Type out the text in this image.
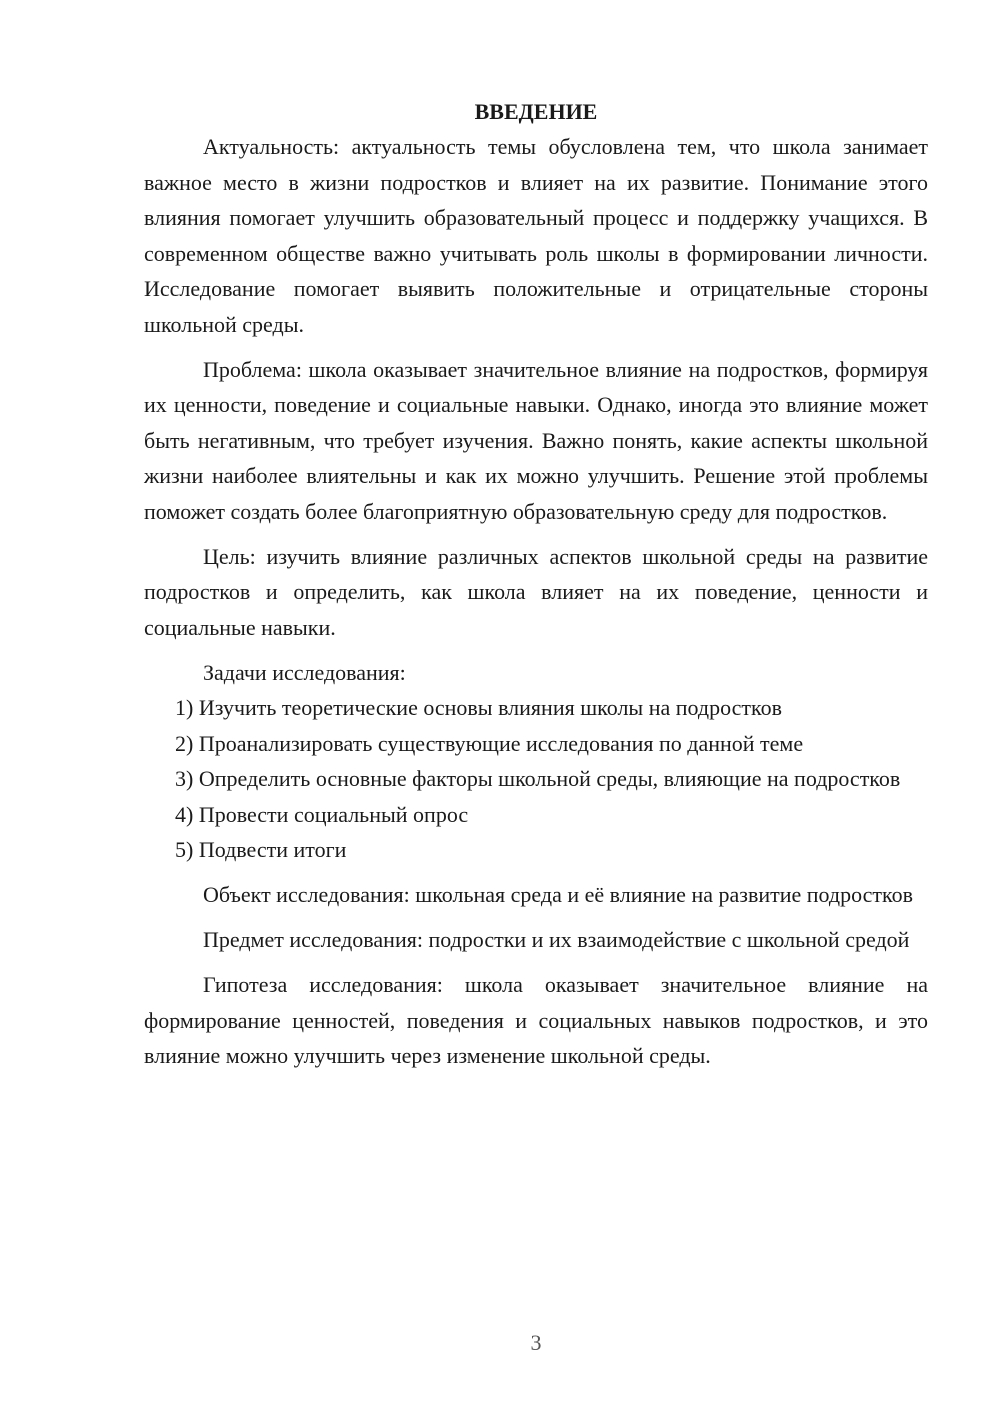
ВВЕДЕНИЕ

Актуальность: актуальность темы обусловлена тем, что школа занимает важное место в жизни подростков и влияет на их развитие. Понимание этого влияния помогает улучшить образовательный процесс и поддержку учащихся. В современном обществе важно учитывать роль школы в формировании личности. Исследование помогает выявить положительные и отрицательные стороны школьной среды.

Проблема: школа оказывает значительное влияние на подростков, формируя их ценности, поведение и социальные навыки. Однако, иногда это влияние может быть негативным, что требует изучения. Важно понять, какие аспекты школьной жизни наиболее влиятельны и как их можно улучшить. Решение этой проблемы поможет создать более благоприятную образовательную среду для подростков.

Цель: изучить влияние различных аспектов школьной среды на развитие подростков и определить, как школа влияет на их поведение, ценности и социальные навыки.

Задачи исследования:

1) Изучить теоретические основы влияния школы на подростков

2) Проанализировать существующие исследования по данной теме

3) Определить основные факторы школьной среды, влияющие на подростков

4) Провести социальный опрос

5) Подвести итоги

Объект исследования: школьная среда и её влияние на развитие подростков

Предмет исследования: подростки и их взаимодействие с школьной средой

Гипотеза исследования: школа оказывает значительное влияние на формирование ценностей, поведения и социальных навыков подростков, и это влияние можно улучшить через изменение школьной среды.

3
